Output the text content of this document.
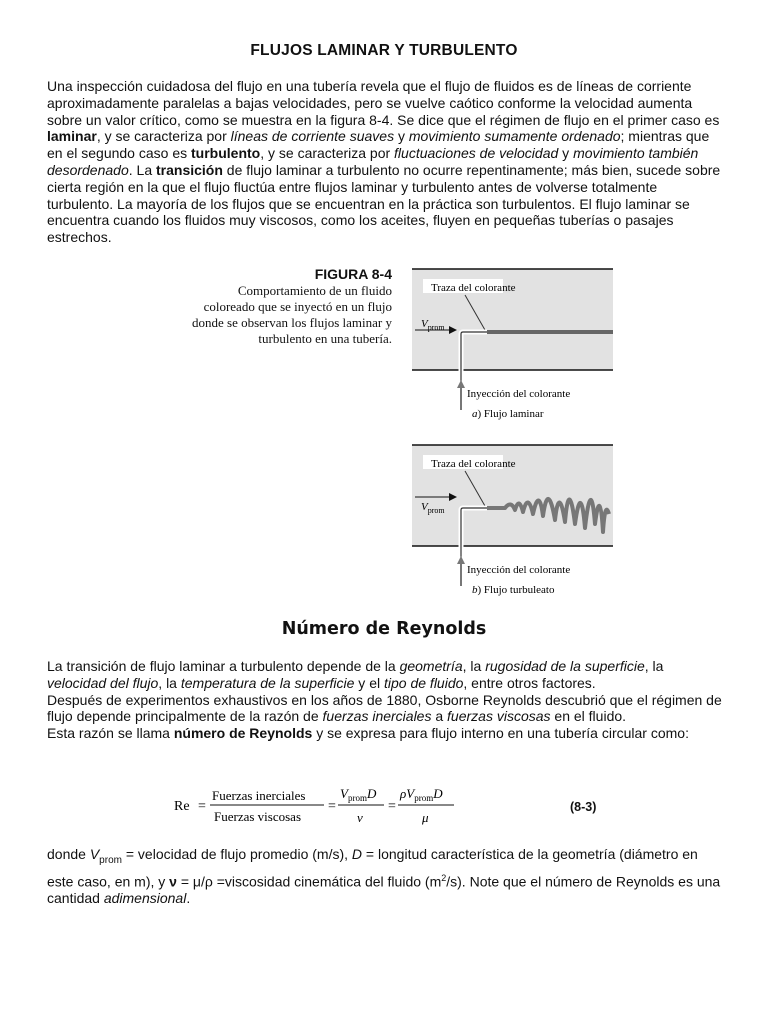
FLUJOS LAMINAR Y TURBULENTO

Una inspección cuidadosa del flujo en una tubería revela que el flujo de fluidos es de líneas de corriente aproximadamente paralelas a bajas velocidades, pero se vuelve caótico conforme la velocidad aumenta sobre un valor crítico, como se muestra en la figura 8-4. Se dice que el régimen de flujo en el primer caso es laminar, y se caracteriza por líneas de corriente suaves y movimiento sumamente ordenado; mientras que en el segundo caso es turbulento, y se caracteriza por fluctuaciones de velocidad y movimiento también desordenado. La transición de flujo laminar a turbulento no ocurre repentinamente; más bien, sucede sobre cierta región en la que el flujo fluctúa entre flujos laminar y turbulento antes de volverse totalmente turbulento. La mayoría de los flujos que se encuentran en la práctica son turbulentos. El flujo laminar se encuentra cuando los fluidos muy viscosos, como los aceites, fluyen en pequeñas tuberías o pasajes estrechos.

FIGURA 8-4
Comportamiento de un fluido
coloreado que se inyectó en un flujo
donde se observan los flujos laminar y
turbulento en una tubería.
Traza del colorante
$V_{prom}$
Inyección del colorante
a) Flujo laminar
Traza del colorante
$V_{prom}$
Inyección del colorante
b) Flujo turbuleato
Número de Reynolds

La transición de flujo laminar a turbulento depende de la geometría, la rugosidad de la superficie, la velocidad del flujo, la temperatura de la superficie y el tipo de fluido, entre otros factores.

Después de experimentos exhaustivos en los años de 1880, Osborne Reynolds descubrió que el régimen de flujo depende principalmente de la razón de fuerzas inerciales a fuerzas viscosas en el fluido.

Esta razón se llama número de Reynolds y se expresa para flujo interno en una tubería circular como:

Re =
Fuerzas inerciales
Fuerzas viscosas
=
$V_{prom}D$
ν
=
$\rho V_{prom}D$
μ
(8-3)

donde $V_{prom}$ = velocidad de flujo promedio (m/s), D = longitud característica de la geometría (diámetro en este caso, en m), y ν = μ/ρ =viscosidad cinemática del fluido $(m^2/s)$. Note que el número de Reynolds es una cantidad adimensional.
